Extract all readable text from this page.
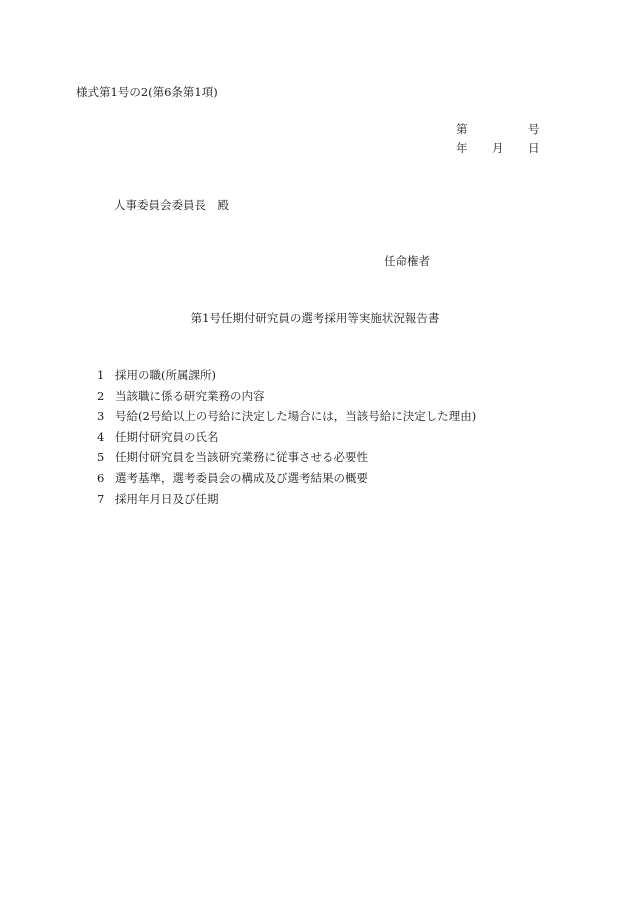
様式第1号の2(第6条第1項)
第	号
年 月 日
人事委員会委員長　殿
任命権者
第1号任期付研究員の選考採用等実施状況報告書
1 採用の職(所属課所)
2 当該職に係る研究業務の内容
3 号給(2号給以上の号給に決定した場合には，当該号給に決定した理由)
4 任期付研究員の氏名
5 任期付研究員を当該研究業務に従事させる必要性
6 選考基準，選考委員会の構成及び選考結果の概要
7 採用年月日及び任期
